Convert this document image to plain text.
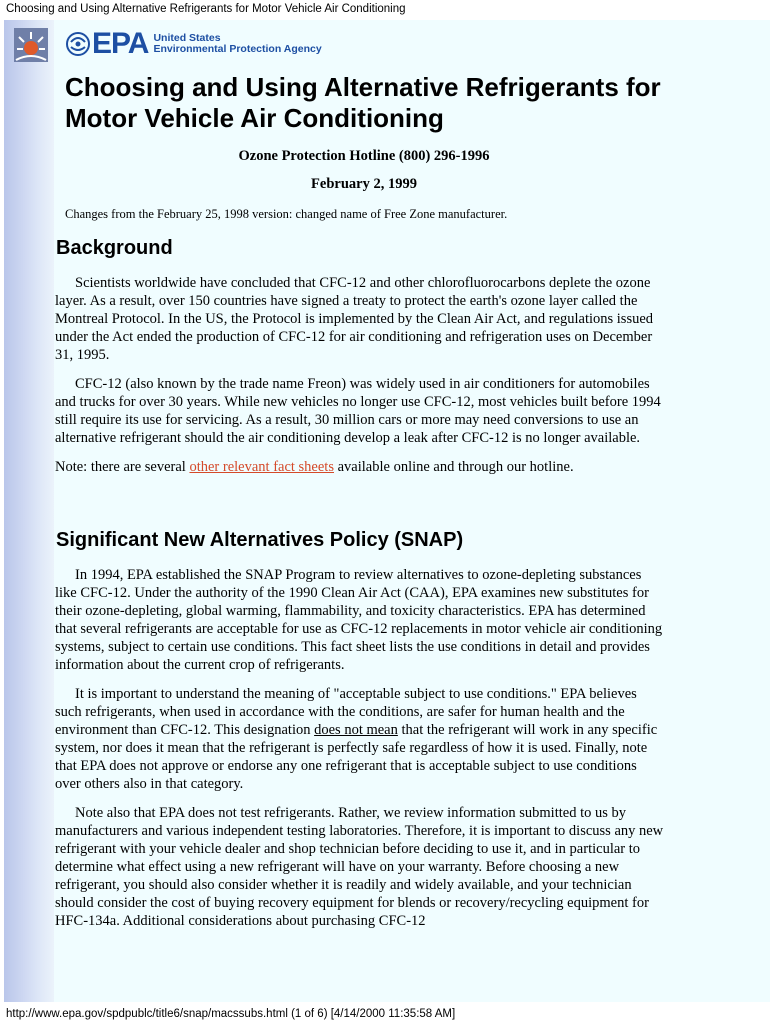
Choosing and Using Alternative Refrigerants for Motor Vehicle Air Conditioning
EPA United States
Environmental Protection Agency
Choosing and Using Alternative Refrigerants for Motor Vehicle Air Conditioning
Ozone Protection Hotline (800) 296-1996
February 2, 1999
Changes from the February 25, 1998 version: changed name of Free Zone manufacturer.
Background

Scientists worldwide have concluded that CFC-12 and other chlorofluorocarbons deplete the ozone layer. As a result, over 150 countries have signed a treaty to protect the earth's ozone layer called the Montreal Protocol. In the US, the Protocol is implemented by the Clean Air Act, and regulations issued under the Act ended the production of CFC-12 for air conditioning and refrigeration uses on December 31, 1995.

CFC-12 (also known by the trade name Freon) was widely used in air conditioners for automobiles and trucks for over 30 years. While new vehicles no longer use CFC-12, most vehicles built before 1994 still require its use for servicing. As a result, 30 million cars or more may need conversions to use an alternative refrigerant should the air conditioning develop a leak after CFC-12 is no longer available.

Note: there are several other relevant fact sheets available online and through our hotline.

Significant New Alternatives Policy (SNAP)

In 1994, EPA established the SNAP Program to review alternatives to ozone-depleting substances like CFC-12. Under the authority of the 1990 Clean Air Act (CAA), EPA examines new substitutes for their ozone-depleting, global warming, flammability, and toxicity characteristics. EPA has determined that several refrigerants are acceptable for use as CFC-12 replacements in motor vehicle air conditioning systems, subject to certain use conditions. This fact sheet lists the use conditions in detail and provides information about the current crop of refrigerants.

It is important to understand the meaning of "acceptable subject to use conditions." EPA believes such refrigerants, when used in accordance with the conditions, are safer for human health and the environment than CFC-12. This designation does not mean that the refrigerant will work in any specific system, nor does it mean that the refrigerant is perfectly safe regardless of how it is used. Finally, note that EPA does not approve or endorse any one refrigerant that is acceptable subject to use conditions over others also in that category.

Note also that EPA does not test refrigerants. Rather, we review information submitted to us by manufacturers and various independent testing laboratories. Therefore, it is important to discuss any new refrigerant with your vehicle dealer and shop technician before deciding to use it, and in particular to determine what effect using a new refrigerant will have on your warranty. Before choosing a new refrigerant, you should also consider whether it is readily and widely available, and your technician should consider the cost of buying recovery equipment for blends or recovery/recycling equipment for HFC-134a. Additional considerations about purchasing CFC-12

http://www.epa.gov/spdpublc/title6/snap/macssubs.html (1 of 6) [4/14/2000 11:35:58 AM]
